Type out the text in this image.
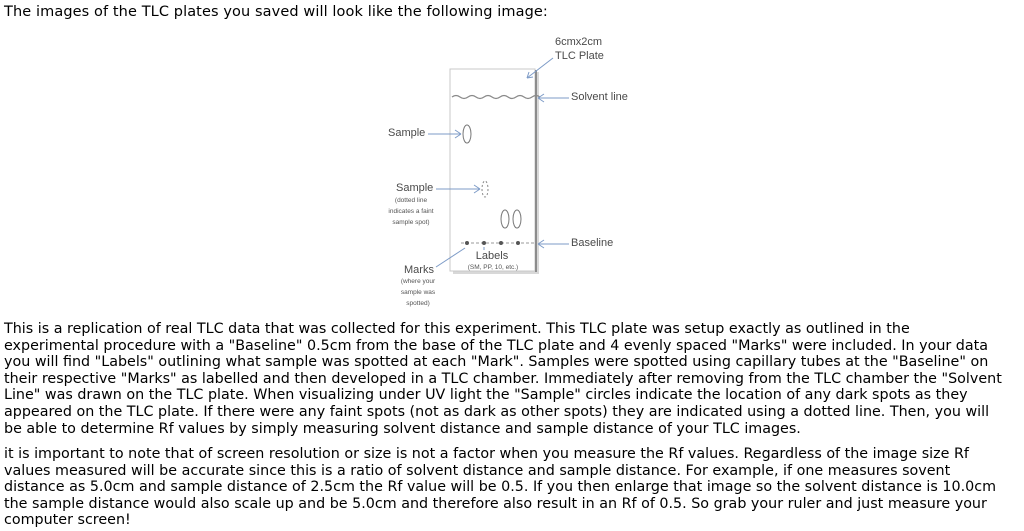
The images of the TLC plates you saved will look like the following image:
6cmx2cm
TLC Plate
Solvent line
Baseline
Sample
Sample
(dotted line
indicates a faint
sample spot)
Labels
(SM, PP, 10, etc.)
Marks
(where your
sample was
spotted)

This is a replication of real TLC data that was collected for this experiment. This TLC plate was setup exactly as outlined in the experimental procedure with a "Baseline" 0.5cm from the base of the TLC plate and 4 evenly spaced "Marks" were included. In your data you will find "Labels" outlining what sample was spotted at each "Mark". Samples were spotted using capillary tubes at the "Baseline" on their respective "Marks" as labelled and then developed in a TLC chamber. Immediately after removing from the TLC chamber the "Solvent Line" was drawn on the TLC plate. When visualizing under UV light the "Sample" circles indicate the location of any dark spots as they appeared on the TLC plate. If there were any faint spots (not as dark as other spots) they are indicated using a dotted line. Then, you will be able to determine Rf values by simply measuring solvent distance and sample distance of your TLC images.

it is important to note that of screen resolution or size is not a factor when you measure the Rf values. Regardless of the image size Rf values measured will be accurate since this is a ratio of solvent distance and sample distance. For example, if one measures sovent distance as 5.0cm and sample distance of 2.5cm the Rf value will be 0.5. If you then enlarge that image so the solvent distance is 10.0cm the sample distance would also scale up and be 5.0cm and therefore also result in an Rf of 0.5. So grab your ruler and just measure your computer screen!
